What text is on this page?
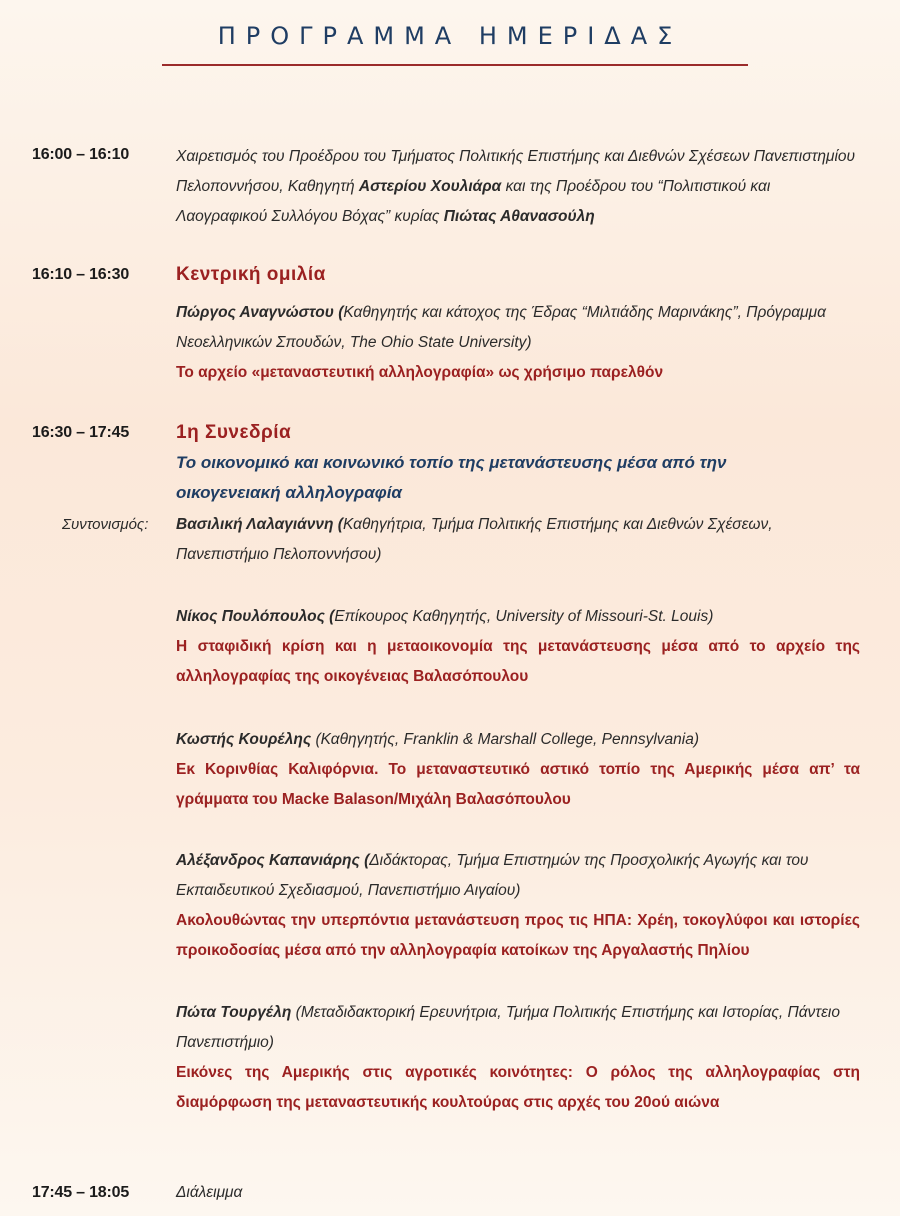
ΠΡΟΓΡΑΜΜΑ ΗΜΕΡΙΔΑΣ
16:00 – 16:10	Χαιρετισμός του Προέδρου του Τμήματος Πολιτικής Επιστήμης και Διεθνών Σχέσεων Πανεπιστημίου Πελοποννήσου, Καθηγητή Αστερίου Χουλιάρα και της Προέδρου του “Πολιτιστικού και Λαογραφικού Συλλόγου Βόχας” κυρίας Πιώτας Αθανασούλη
16:10 – 16:30 Κεντρική ομιλία
Πώργος Αναγνώστου (Καθηγητής και κάτοχος της Έδρας “Μιλτιάδης Μαρινάκης”, Πρόγραμμα Νεοελληνικών Σπουδών, The Ohio State University)
Το αρχείο «μεταναστευτική αλληλογραφία» ως χρήσιμο παρελθόν
16:30 – 17:45 1η Συνεδρία
Το οικονομικό και κοινωνικό τοπίο της μετανάστευσης μέσα από την οικογενειακή αλληλογραφία
Συντονισμός: Βασιλική Λαλαγιάννη (Καθηγήτρια, Τμήμα Πολιτικής Επιστήμης και Διεθνών Σχέσεων, Πανεπιστήμιο Πελοποννήσου)
Νίκος Πουλόπουλος (Επίκουρος Καθηγητής, University of Missouri-St. Louis)
Η σταφιδική κρίση και η μεταοικονομία της μετανάστευσης μέσα από το αρχείο της αλληλογραφίας της οικογένειας Βαλασόπουλου
Κωστής Κουρέλης (Καθηγητής, Franklin & Marshall College, Pennsylvania)
Εκ Κορινθίας Καλιφόρνια. Το μεταναστευτικό αστικό τοπίο της Αμερικής μέσα απ’ τα γράμματα του Macke Balason/Μιχάλη Βαλασόπουλου
Αλέξανδρος Καπανιάρης (Διδάκτορας, Τμήμα Επιστημών της Προσχολικής Αγωγής και του Εκπαιδευτικού Σχεδιασμού, Πανεπιστήμιο Αιγαίου)
Ακολουθώντας την υπερπόντια μετανάστευση προς τις ΗΠΑ: Χρέη, τοκογλύφοι και ιστορίες προικοδοσίας μέσα από την αλληλογραφία κατοίκων της Αργαλαστής Πηλίου
Πώτα Τουργέλη (Μεταδιδακτορική Ερευνήτρια, Τμήμα Πολιτικής Επιστήμης και Ιστορίας, Πάντειο Πανεπιστήμιο)
Εικόνες της Αμερικής στις αγροτικές κοινότητες: Ο ρόλος της αλληλογραφίας στη διαμόρφωση της μεταναστευτικής κουλτούρας στις αρχές του 20ού αιώνα
17:45 – 18:05	Διάλειμμα
